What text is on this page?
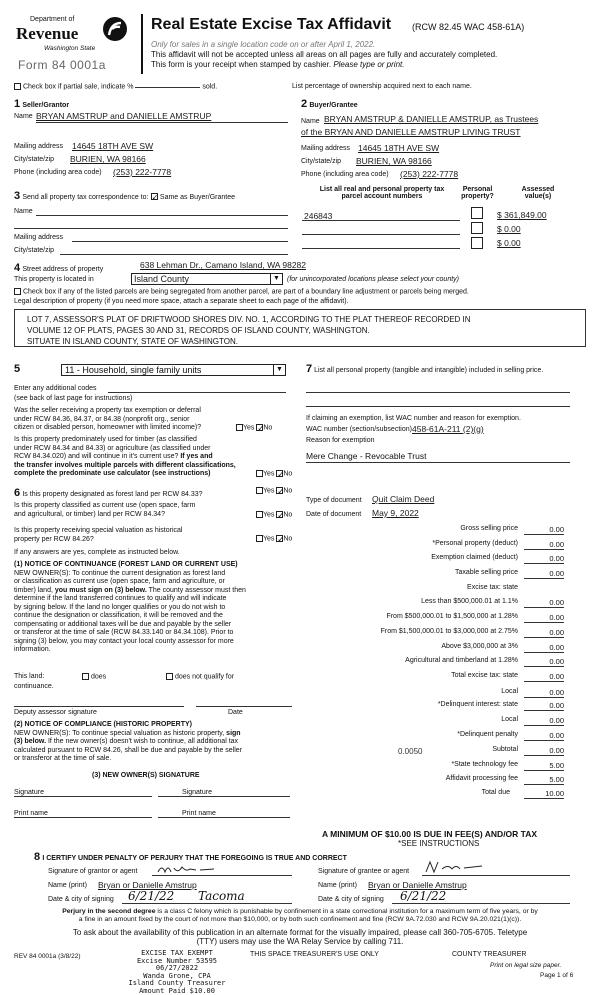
Department of
Revenue
Washington State
Form 84 0001a
Real Estate Excise Tax Affidavit (RCW 82.45 WAC 458-61A)
Only for sales in a single location code on or after April 1, 2022.
This affidavit will not be accepted unless all areas on all pages are fully and accurately completed.
This form is your receipt when stamped by cashier. Please type or print.
Check box if partial sale, indicate %	sold.	List percentage of ownership acquired next to each name.
1 Seller/Grantor
Name BRYAN AMSTRUP and DANIELLE AMSTRUP
Mailing address 14645 18TH AVE SW
City/state/zip BURIEN, WA 98166
Phone (including area code) (253) 222-7778
2 Buyer/Grantee
Name BRYAN AMSTRUP & DANIELLE AMSTRUP, as Trustees
of the BRYAN AND DANIELLE AMSTRUP LIVING TRUST
Mailing address 14645 18TH AVE SW
City/state/zip BURIEN, WA 98166
Phone (including area code) (253) 222-7778
3 Send all property tax correspondence to: ✓ Same as Buyer/Grantee
Name
Mailing address
City/state/zip
List all real and personal property tax
parcel account numbers
Personal
property?
Assessed
value(s)
246843	$ 361,849.00
$ 0.00
$ 0.00
4 Street address of property	638 Lehman Dr., Camano Island, WA 98282
This property is located in	Island County	▼ (for unincorporated locations please select your county)
Check box if any of the listed parcels are being segregated from another parcel, are part of a boundary line adjustment or parcels being merged.
Legal description of property (if you need more space, attach a separate sheet to each page of the affidavit).
LOT 7, ASSESSOR'S PLAT OF DRIFTWOOD SHORES DIV. NO. 1, ACCORDING TO THE PLAT THEREOF RECORDED IN
VOLUME 12 OF PLATS, PAGES 30 AND 31, RECORDS OF ISLAND COUNTY, WASHINGTON.
SITUATE IN ISLAND COUNTY, STATE OF WASHINGTON.
5	11 - Household, single family units	▼
Enter any additional codes
(see back of last page for instructions)
Was the seller receiving a property tax exemption or deferral
under RCW 84.36, 84.37, or 84.38 (nonprofit org., senior
citizen or disabled person, homeowner with limited income)?	Yes ✓No
Is this property predominately used for timber (as classified
under RCW 84.34 and 84.33) or agriculture (as classified under
RCW 84.34.020) and will continue in it's current use? If yes and
the transfer involves multiple parcels with different classifications,
complete the predominate use calculator (see instructions)	Yes ✓No
6 Is this property designated as forest land per RCW 84.33?
Yes ✓No
Is this property classified as current use (open space, farm
and agricultural, or timber) land per RCW 84.34?	Yes ✓No
Is this property receiving special valuation as historical
property per RCW 84.26?	Yes ✓No
If any answers are yes, complete as instructed below.
(1) NOTICE OF CONTINUANCE (FOREST LAND OR CURRENT USE)
NEW OWNER(S): To continue the current designation as forest land
or classification as current use (open space, farm and agriculture, or
timber) land, you must sign on (3) below. The county assessor must then
determine if the land transferred continues to qualify and will indicate
by signing below. If the land no longer qualifies or you do not wish to
continue the designation or classification, it will be removed and the
compensating or additional taxes will be due and payable by the seller
or transferor at the time of sale (RCW 84.33.140 or 84.34.108). Prior to
signing (3) below, you may contact your local county assessor for more
information.
This land:	does	does not qualify for
continuance.
Deputy assessor signature	Date
(2) NOTICE OF COMPLIANCE (HISTORIC PROPERTY)
NEW OWNER(S): To continue special valuation as historic property, sign
(3) below. If the new owner(s) doesn't wish to continue, all additional tax
calculated pursuant to RCW 84.26, shall be due and payable by the seller
or transferor at the time of sale.
(3) NEW OWNER(S) SIGNATURE
Signature	Signature
Print name	Print name
7 List all personal property (tangible and intangible) included in selling price.
If claiming an exemption, list WAC number and reason for exemption.
WAC number (section/subsection) 458-61A-211 (2)(g)
Reason for exemption
Mere Change - Revocable Trust
Type of document Quit Claim Deed
Date of document May 9, 2022
Gross selling price	0.00
*Personal property (deduct)	0.00
Exemption claimed (deduct)	0.00
Taxable selling price	0.00
Excise tax: state
Less than $500,000.01 at 1.1%	0.00
From $500,000.01 to $1,500,000 at 1.28%	0.00
From $1,500,000.01 to $3,000,000 at 2.75%	0.00
Above $3,000,000 at 3%	0.00
Agricultural and timberland at 1.28%	0.00
Total excise tax: state	0.00
Local	0.00
*Delinquent interest: state	0.00
Local	0.00
*Delinquent penalty	0.00
Subtotal	0.00
*State technology fee	5.00
Affidavit processing fee	5.00
Total due	10.00
0.0050
A MINIMUM OF $10.00 IS DUE IN FEE(S) AND/OR TAX
*SEE INSTRUCTIONS
8 I CERTIFY UNDER PENALTY OF PERJURY THAT THE FOREGOING IS TRUE AND CORRECT
Signature of grantor or agent
Name (print) Bryan or Danielle Amstrup
Date & city of signing 6/21/22 Tacoma
Signature of grantee or agent
Name (print) Bryan or Danielle Amstrup
Date & city of signing 6/21/22
Perjury in the second degree is a class C felony which is punishable by confinement in a state correctional institution for a maximum term of five years, or by
a fine in an amount fixed by the court of not more than $10,000, or by both such confinement and fine (RCW 9A.72.030 and RCW 9A.20.021(1)(c)).
To ask about the availability of this publication in an alternate format for the visually impaired, please call 360-705-6705. Teletype
(TTY) users may use the WA Relay Service by calling 711.
REV 84 0001a (3/8/22)	THIS SPACE TREASURER'S USE ONLY	COUNTY TREASURER
EXCISE TAX EXEMPT
Excise Number 53595
06/27/2022
Wanda Grone, CPA
Island County Treasurer
Amount Paid $10.00
Print on legal size paper.
Page 1 of 6
